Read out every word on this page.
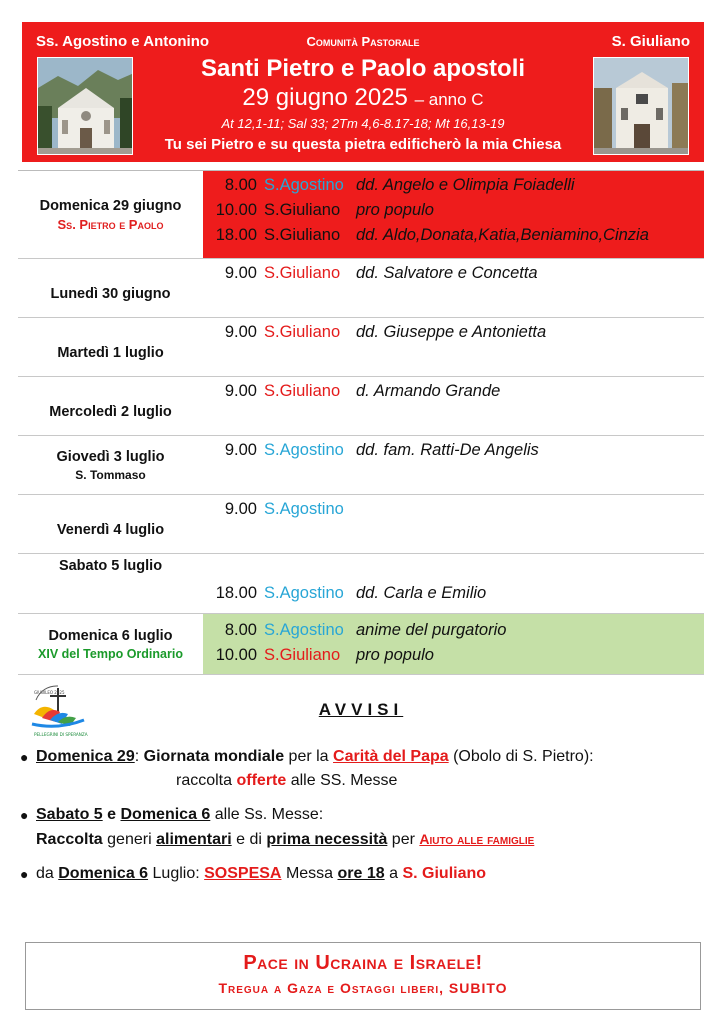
Ss. Agostino e Antonino	Comunità Pastorale	S. Giuliano
Santi Pietro e Paolo apostoli
29 giugno 2025 – anno C
At 12,1-11; Sal 33; 2Tm 4,6-8.17-18; Mt 16,13-19
Tu sei Pietro e su questa pietra edificherò la mia Chiesa
Domenica 29 giugno
Ss. Pietro e Paolo
8.00 S.Agostino dd. Angelo e Olimpia Foiadelli
10.00 S.Giuliano pro populo
18.00 S.Giuliano dd. Aldo,Donata,Katia,Beniamino,Cinzia
Lunedì 30 giugno
9.00 S.Giuliano dd. Salvatore e Concetta
Martedì 1 luglio
9.00 S.Giuliano dd. Giuseppe e Antonietta
Mercoledì 2 luglio
9.00 S.Giuliano d. Armando Grande
Giovedì 3 luglio
S. Tommaso
9.00 S.Agostino dd. fam. Ratti-De Angelis
Venerdì 4 luglio
9.00 S.Agostino
Sabato 5 luglio
18.00 S.Agostino dd. Carla e Emilio
Domenica 6 luglio
XIV del Tempo Ordinario
8.00 S.Agostino anime del purgatorio
10.00 S.Giuliano pro populo
GIUBILEO 2025
PELLEGRINI DI SPERANZA
AVVISI
● Domenica 29: Giornata mondiale per la Carità del Papa (Obolo di S. Pietro):
raccolta offerte alle SS. Messe
● Sabato 5 e Domenica 6 alle Ss. Messe:
Raccolta generi alimentari e di prima necessità per Aiuto alle famiglie
● da Domenica 6 Luglio: SOSPESA Messa ore 18 a S. Giuliano
Pace in Ucraina e Israele!
Tregua a Gaza e Ostaggi liberi, SUBITO
